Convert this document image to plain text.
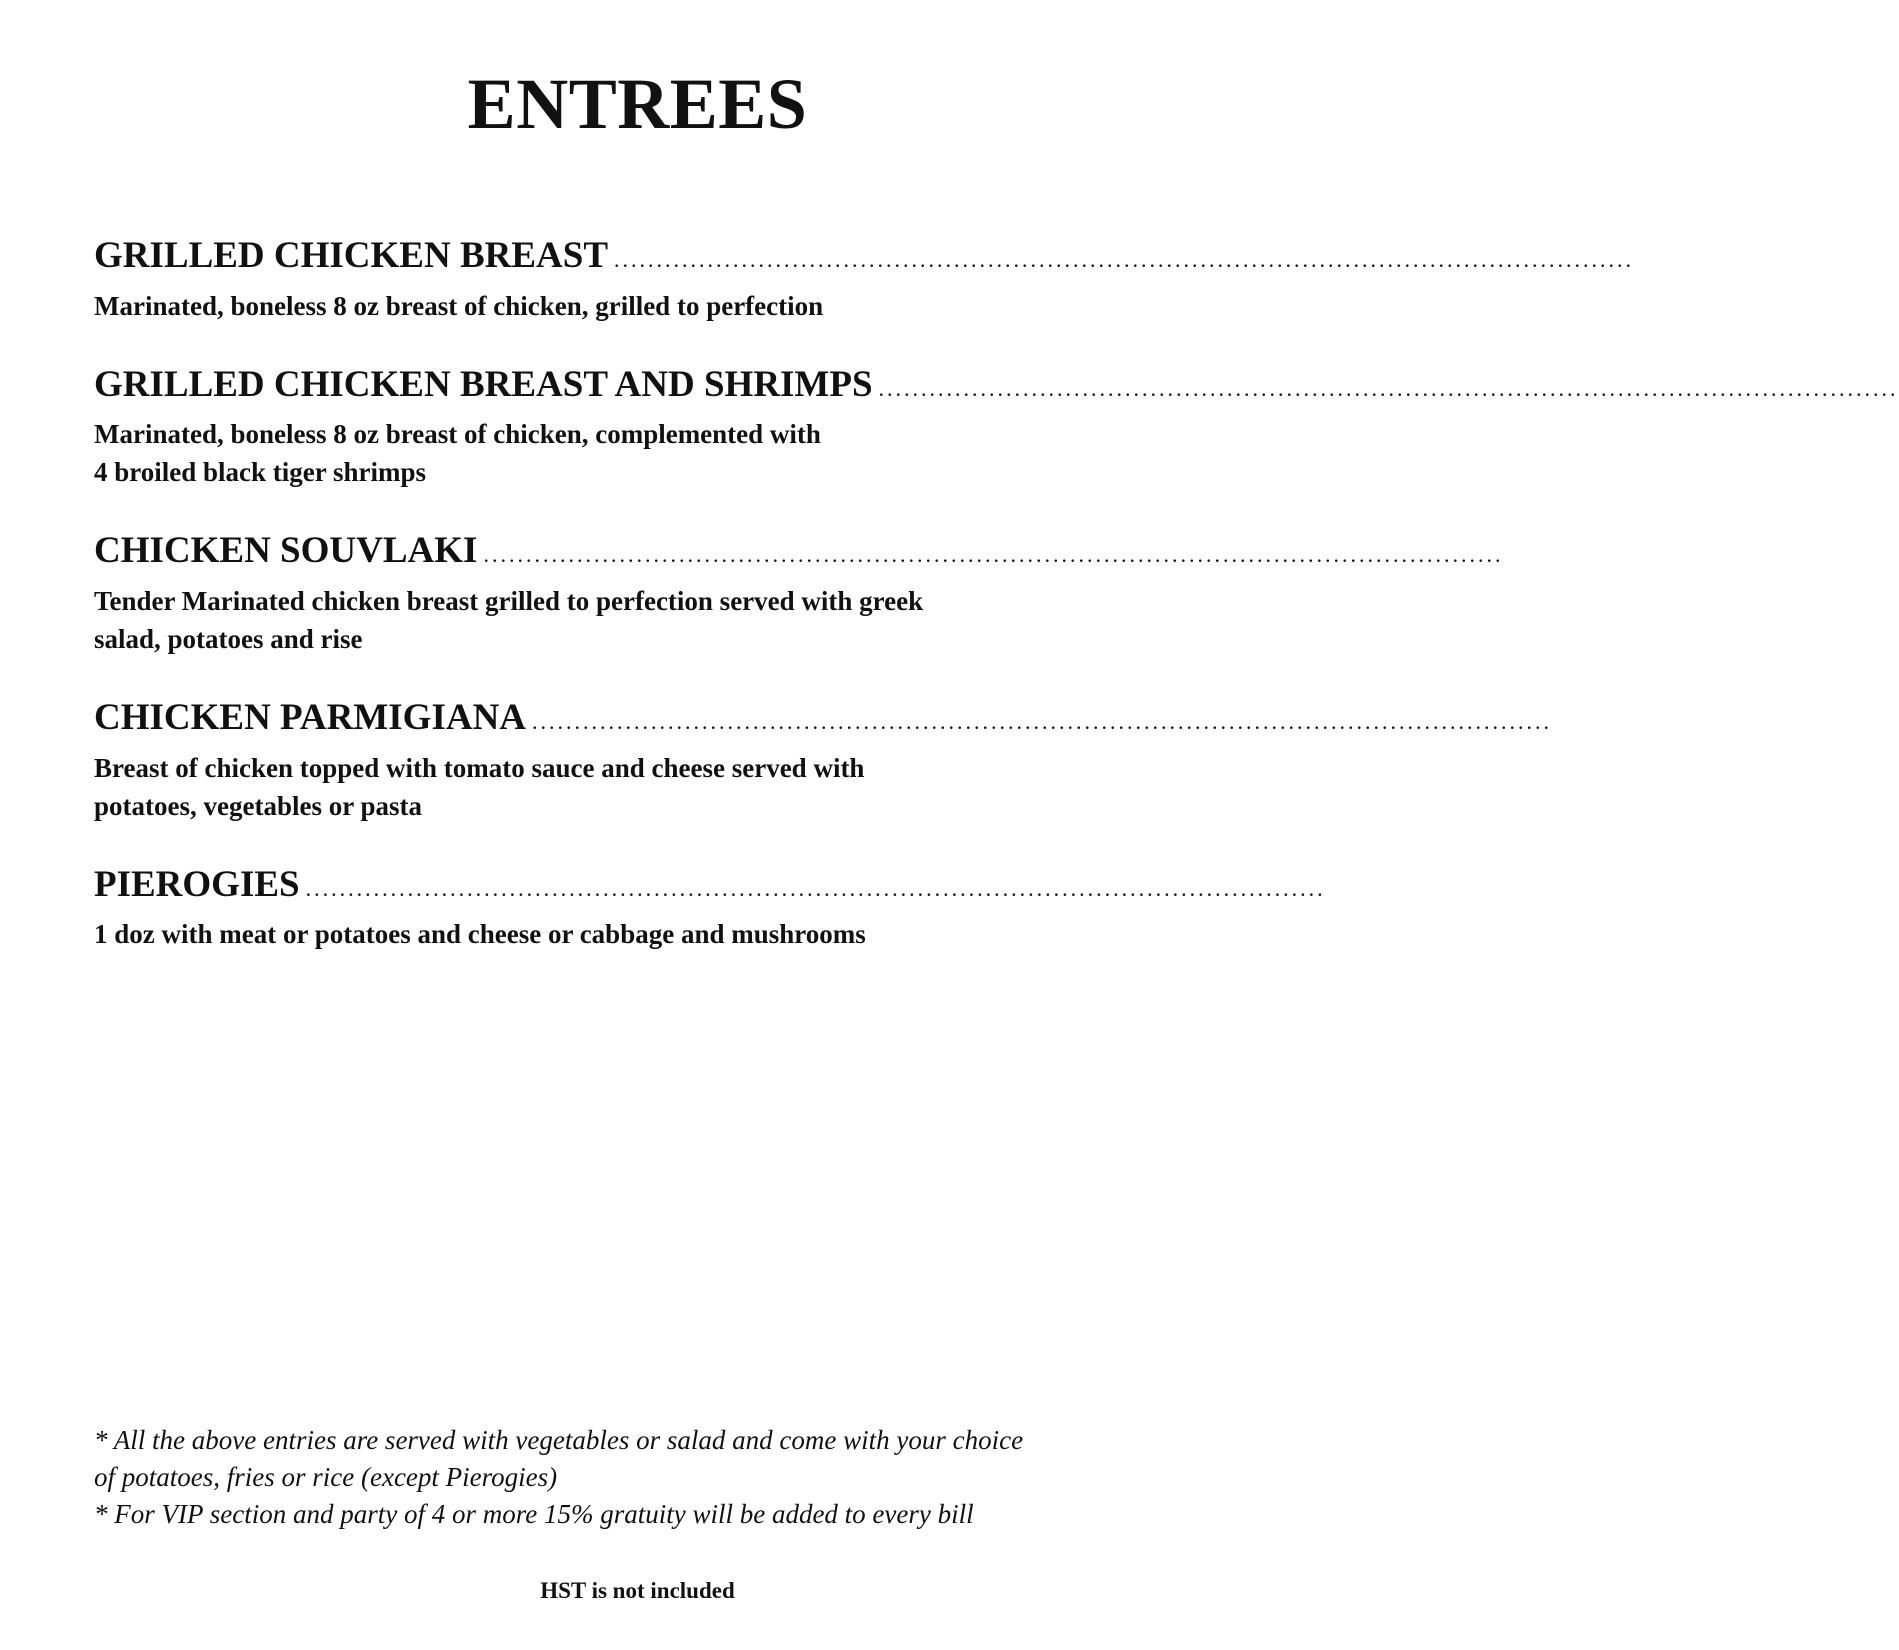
ENTREES
GRILLED CHICKEN BREAST ........................................................................................................................
Marinated, boneless 8 oz breast of chicken, grilled to perfection
GRILLED CHICKEN BREAST AND SHRIMPS ........................................................................................................................
Marinated, boneless 8 oz breast of chicken, complemented with
4 broiled black tiger shrimps
CHICKEN SOUVLAKI ........................................................................................................................
Tender Marinated chicken breast grilled to perfection served with greek
salad, potatoes and rise
CHICKEN PARMIGIANA ........................................................................................................................
Breast of chicken topped with tomato sauce and cheese served with
potatoes, vegetables or pasta
PIEROGIES ........................................................................................................................
1 doz with meat or potatoes and cheese or cabbage and mushrooms

* All the above entries are served with vegetables or salad and come with your choice

of potatoes, fries or rice (except Pierogies)

* For VIP section and party of 4 or more 15% gratuity will be added to every bill

HST is not included
